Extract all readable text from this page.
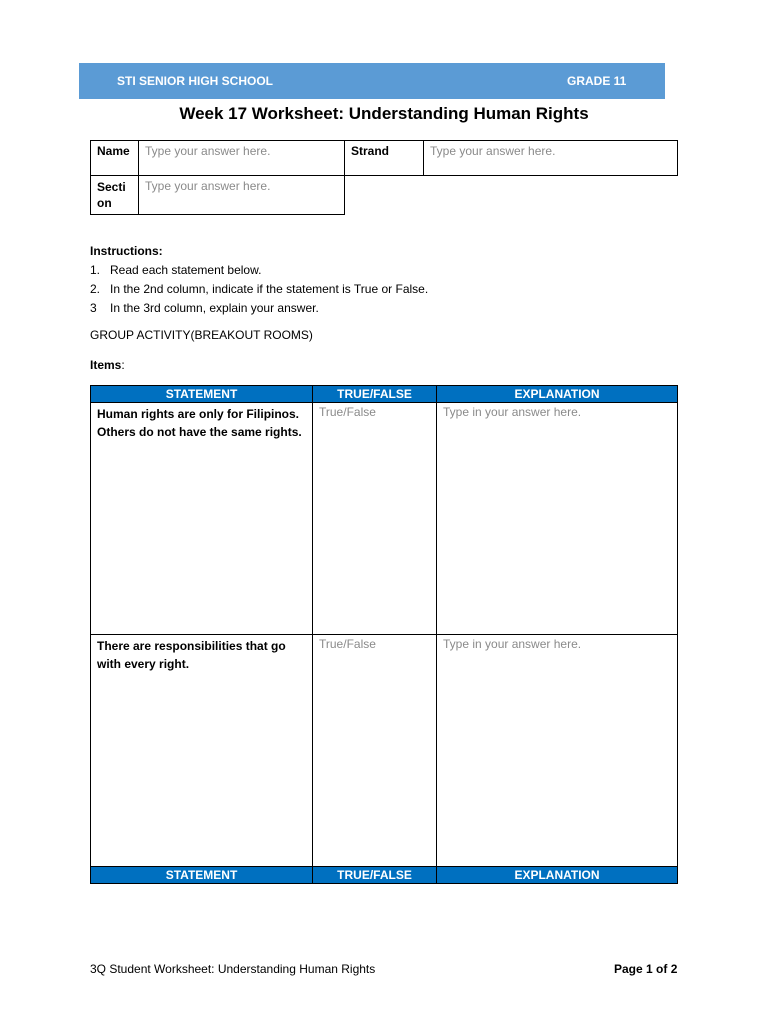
STI SENIOR HIGH SCHOOL	GRADE 11
Week 17 Worksheet: Understanding Human Rights
Name	Type your answer here.	Strand	Type your answer here.
Secti
on	Type your answer here.		
Instructions:
1. Read each statement below.
2. In the 2nd column, indicate if the statement is True or False.
3 In the 3rd column, explain your answer.
GROUP ACTIVITY(BREAKOUT ROOMS)
Items:
STATEMENT	TRUE/FALSE	EXPLANATION
Human rights are only for Filipinos.
Others do not have the same rights.	True/False	Type in your answer here.
There are responsibilities that go
with every right.	True/False	Type in your answer here.
STATEMENT	TRUE/FALSE	EXPLANATION
3Q Student Worksheet: Understanding Human Rights	Page 1 of 2
